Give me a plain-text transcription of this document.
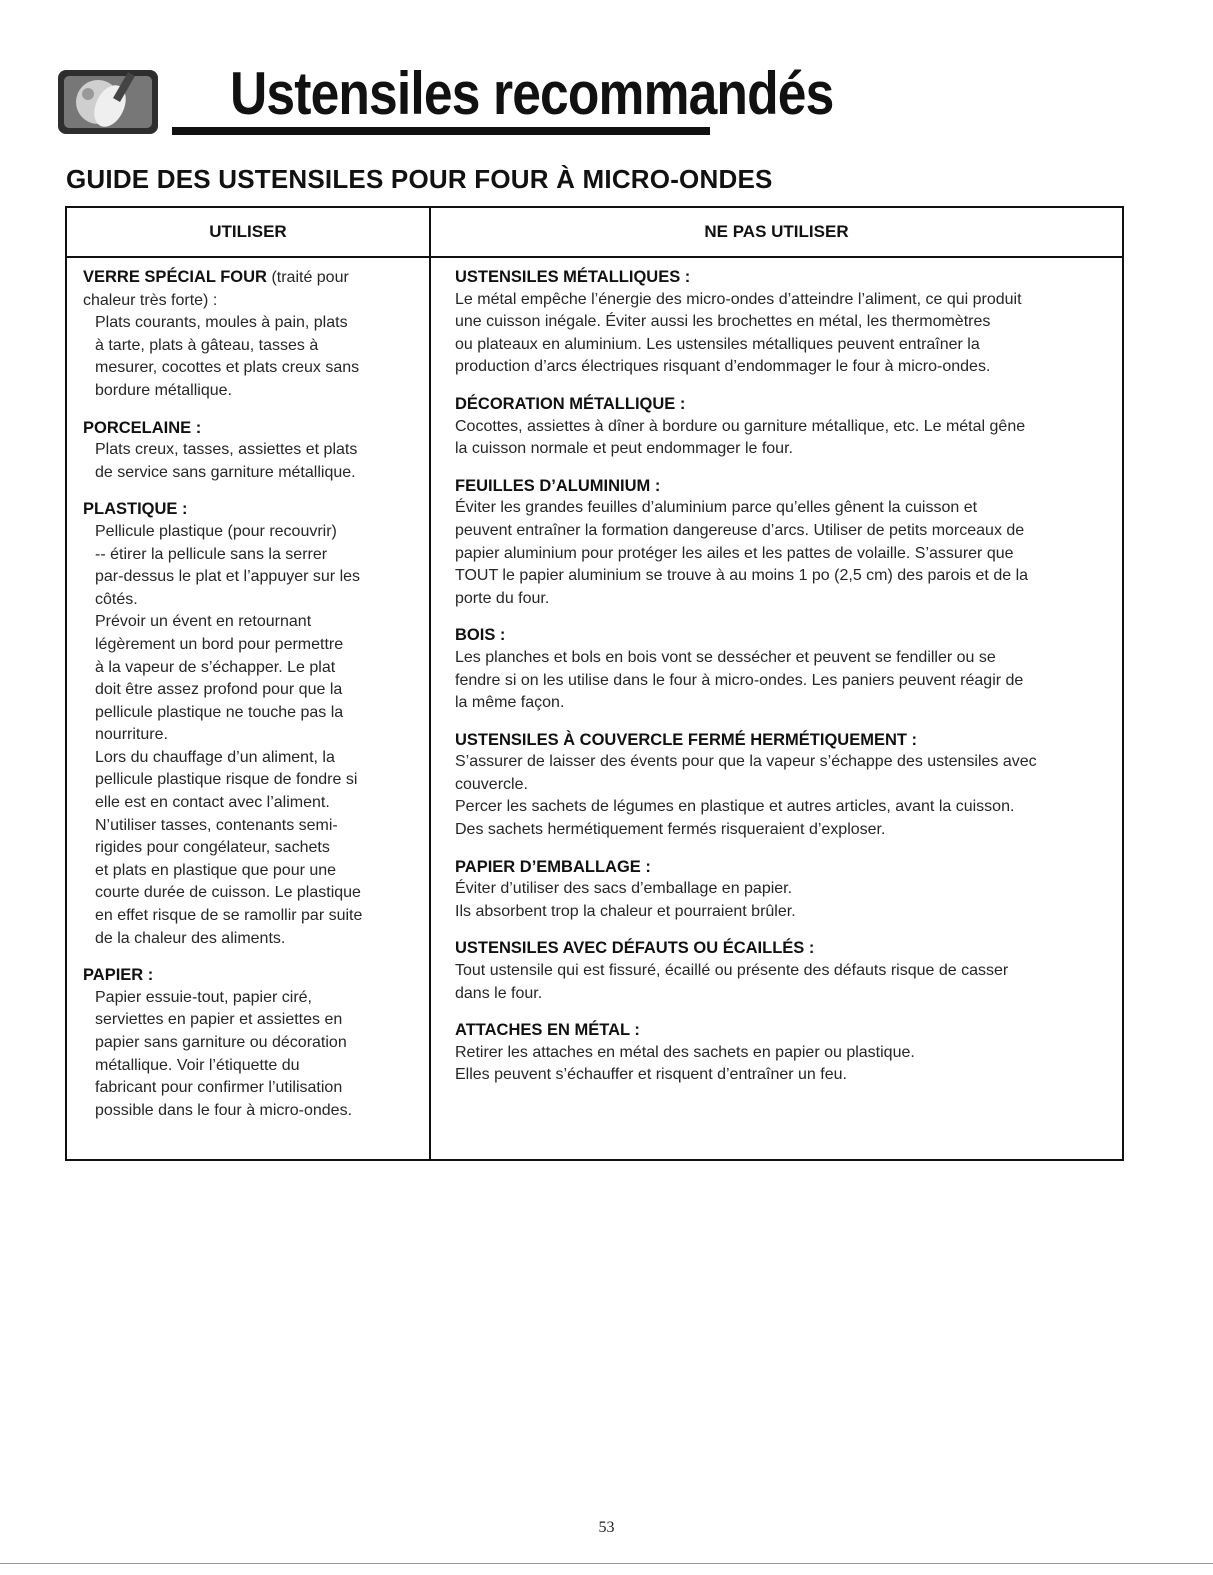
Ustensiles recommandés
GUIDE DES USTENSILES POUR FOUR À MICRO-ONDES
UTILISER	NE PAS UTILISER
VERRE SPÉCIAL FOUR (traité pour
chaleur très forte) :
Plats courants, moules à pain, plats
à tarte, plats à gâteau, tasses à
mesurer, cocottes et plats creux sans
bordure métallique.
PORCELAINE :
Plats creux, tasses, assiettes et plats
de service sans garniture métallique.
PLASTIQUE :
Pellicule plastique (pour recouvrir)
-- étirer la pellicule sans la serrer
par-dessus le plat et l’appuyer sur les
côtés.
Prévoir un évent en retournant
légèrement un bord pour permettre
à la vapeur de s’échapper. Le plat
doit être assez profond pour que la
pellicule plastique ne touche pas la
nourriture.
Lors du chauffage d’un aliment, la
pellicule plastique risque de fondre si
elle est en contact avec l’aliment.
N’utiliser tasses, contenants semi-
rigides pour congélateur, sachets
et plats en plastique que pour une
courte durée de cuisson. Le plastique
en effet risque de se ramollir par suite
de la chaleur des aliments.
PAPIER :
Papier essuie-tout, papier ciré,
serviettes en papier et assiettes en
papier sans garniture ou décoration
métallique. Voir l’étiquette du
fabricant pour confirmer l’utilisation
possible dans le four à micro-ondes.
USTENSILES MÉTALLIQUES :
Le métal empêche l’énergie des micro-ondes d’atteindre l’aliment, ce qui produit
une cuisson inégale. Éviter aussi les brochettes en métal, les thermomètres
ou plateaux en aluminium. Les ustensiles métalliques peuvent entraîner la
production d’arcs électriques risquant d’endommager le four à micro-ondes.
DÉCORATION MÉTALLIQUE :
Cocottes, assiettes à dîner à bordure ou garniture métallique, etc. Le métal gêne
la cuisson normale et peut endommager le four.
FEUILLES D’ALUMINIUM :
Éviter les grandes feuilles d’aluminium parce qu’elles gênent la cuisson et
peuvent entraîner la formation dangereuse d’arcs. Utiliser de petits morceaux de
papier aluminium pour protéger les ailes et les pattes de volaille. S’assurer que
TOUT le papier aluminium se trouve à au moins 1 po (2,5 cm) des parois et de la
porte du four.
BOIS :
Les planches et bols en bois vont se dessécher et peuvent se fendiller ou se
fendre si on les utilise dans le four à micro-ondes. Les paniers peuvent réagir de
la même façon.
USTENSILES À COUVERCLE FERMÉ HERMÉTIQUEMENT :
S’assurer de laisser des évents pour que la vapeur s’échappe des ustensiles avec
couvercle.
Percer les sachets de légumes en plastique et autres articles, avant la cuisson.
Des sachets hermétiquement fermés risqueraient d’exploser.
PAPIER D’EMBALLAGE :
Éviter d’utiliser des sacs d’emballage en papier.
Ils absorbent trop la chaleur et pourraient brûler.
USTENSILES AVEC DÉFAUTS OU ÉCAILLÉS :
Tout ustensile qui est fissuré, écaillé ou présente des défauts risque de casser
dans le four.
ATTACHES EN MÉTAL :
Retirer les attaches en métal des sachets en papier ou plastique.
Elles peuvent s’échauffer et risquent d’entraîner un feu.
53
